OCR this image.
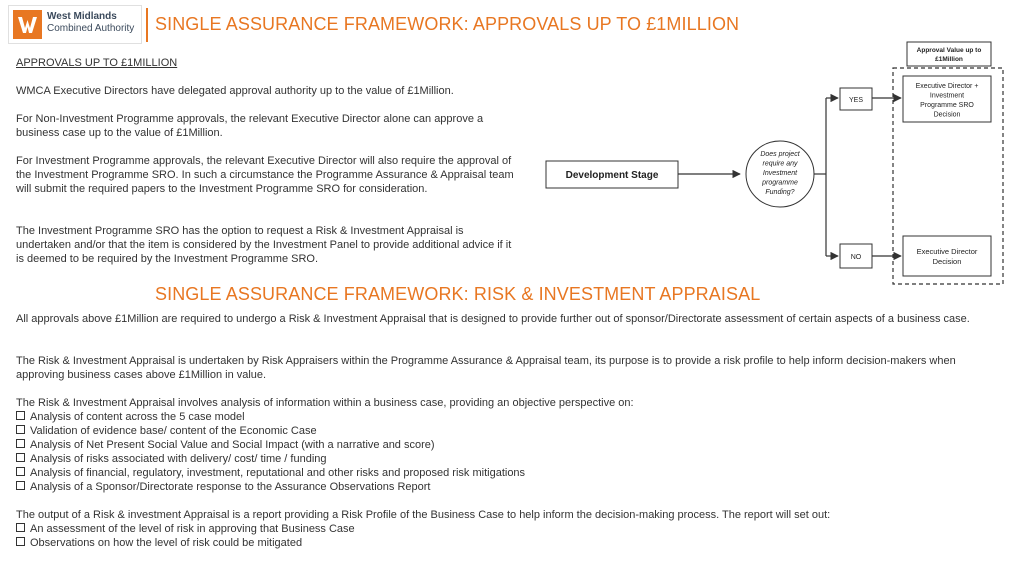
West Midlands
Combined Authority SINGLE ASSURANCE FRAMEWORK: APPROVALS UP TO £1MILLION
APPROVALS UP TO £1MILLION

WMCA Executive Directors have delegated approval authority up to the value of £1Million.

For Non-Investment Programme approvals, the relevant Executive Director alone can approve a business case up to the value of £1Million.

For Investment Programme approvals, the relevant Executive Director will also require the approval of the Investment Programme SRO. In such a circumstance the Programme Assurance & Appraisal team will submit the required papers to the Investment Programme SRO for consideration.

The Investment Programme SRO has the option to request a Risk & Investment Appraisal is undertaken and/or that the item is considered by the Investment Panel to provide additional advice if it is deemed to be required by the Investment Programme SRO.

Approval Value up to
£1Million
Development Stage
Does project
require any
Investment
programme
Funding?
YES
NO
Executive Director +
Investment
Programme SRO
Decision
Executive Director
Decision
SINGLE ASSURANCE FRAMEWORK: RISK & INVESTMENT APPRAISAL

All approvals above £1Million are required to undergo a Risk & Investment Appraisal that is designed to provide further out of sponsor/Directorate assessment of certain aspects of a business case.

The Risk & Investment Appraisal is undertaken by Risk Appraisers within the Programme Assurance & Appraisal team, its purpose is to provide a risk profile to help inform decision-makers when approving business cases above £1Million in value.

The Risk & Investment Appraisal involves analysis of information within a business case, providing an objective perspective on:

Analysis of content across the 5 case model
Validation of evidence base/ content of the Economic Case
Analysis of Net Present Social Value and Social Impact (with a narrative and score)
Analysis of risks associated with delivery/ cost/ time / funding
Analysis of financial, regulatory, investment, reputational and other risks and proposed risk mitigations
Analysis of a Sponsor/Directorate response to the Assurance Observations Report

The output of a Risk & investment Appraisal is a report providing a Risk Profile of the Business Case to help inform the decision-making process. The report will set out:

An assessment of the level of risk in approving that Business Case
Observations on how the level of risk could be mitigated
